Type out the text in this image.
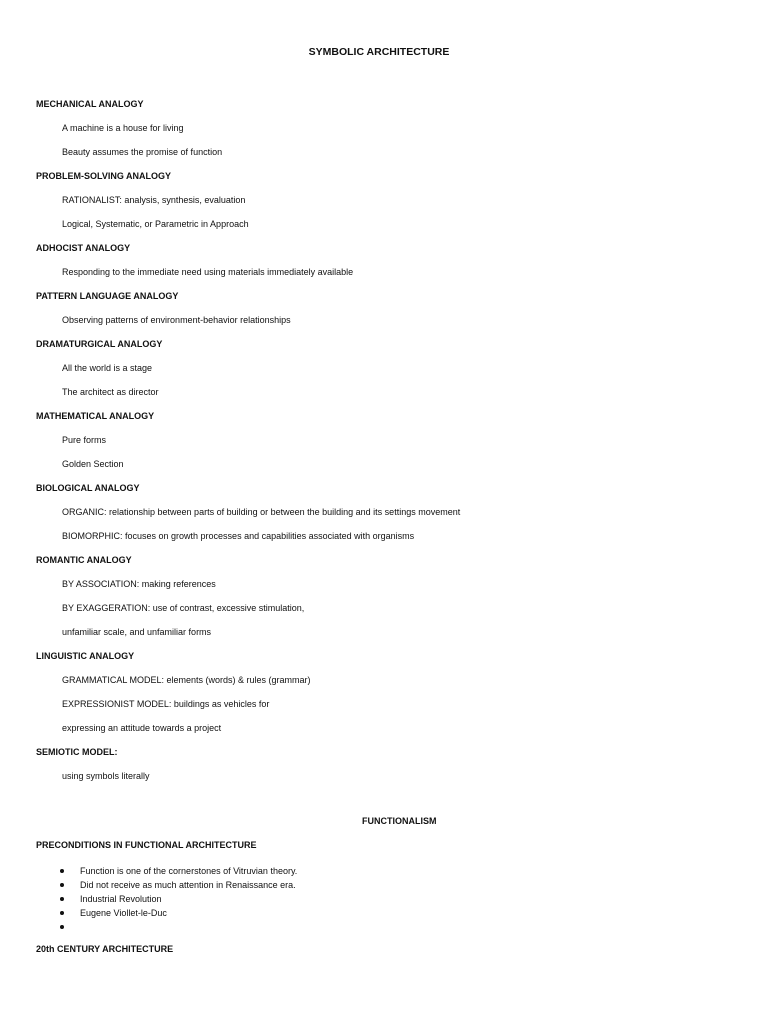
SYMBOLIC ARCHITECTURE
MECHANICAL ANALOGY
A machine is a house for living
Beauty assumes the promise of function
PROBLEM-SOLVING ANALOGY
RATIONALIST: analysis, synthesis, evaluation
Logical, Systematic, or Parametric in Approach
ADHOCIST ANALOGY
Responding to the immediate need using materials immediately available
PATTERN LANGUAGE ANALOGY
Observing patterns of environment-behavior relationships
DRAMATURGICAL ANALOGY
All the world is a stage
The architect as director
MATHEMATICAL ANALOGY
Pure forms
Golden Section
BIOLOGICAL ANALOGY
ORGANIC: relationship between parts of building or between the building and its settings movement
BIOMORPHIC: focuses on growth processes and capabilities associated with organisms
ROMANTIC ANALOGY
BY ASSOCIATION: making references
BY EXAGGERATION: use of contrast, excessive stimulation,
unfamiliar scale, and unfamiliar forms
LINGUISTIC ANALOGY
GRAMMATICAL MODEL: elements (words) & rules (grammar)
EXPRESSIONIST MODEL: buildings as vehicles for
expressing an attitude towards a project
SEMIOTIC MODEL:
using symbols literally
FUNCTIONALISM
PRECONDITIONS IN FUNCTIONAL ARCHITECTURE
Function is one of the cornerstones of Vitruvian theory.
Did not receive as much attention in Renaissance era.
Industrial Revolution
Eugene Viollet-le-Duc
20th CENTURY ARCHITECTURE
